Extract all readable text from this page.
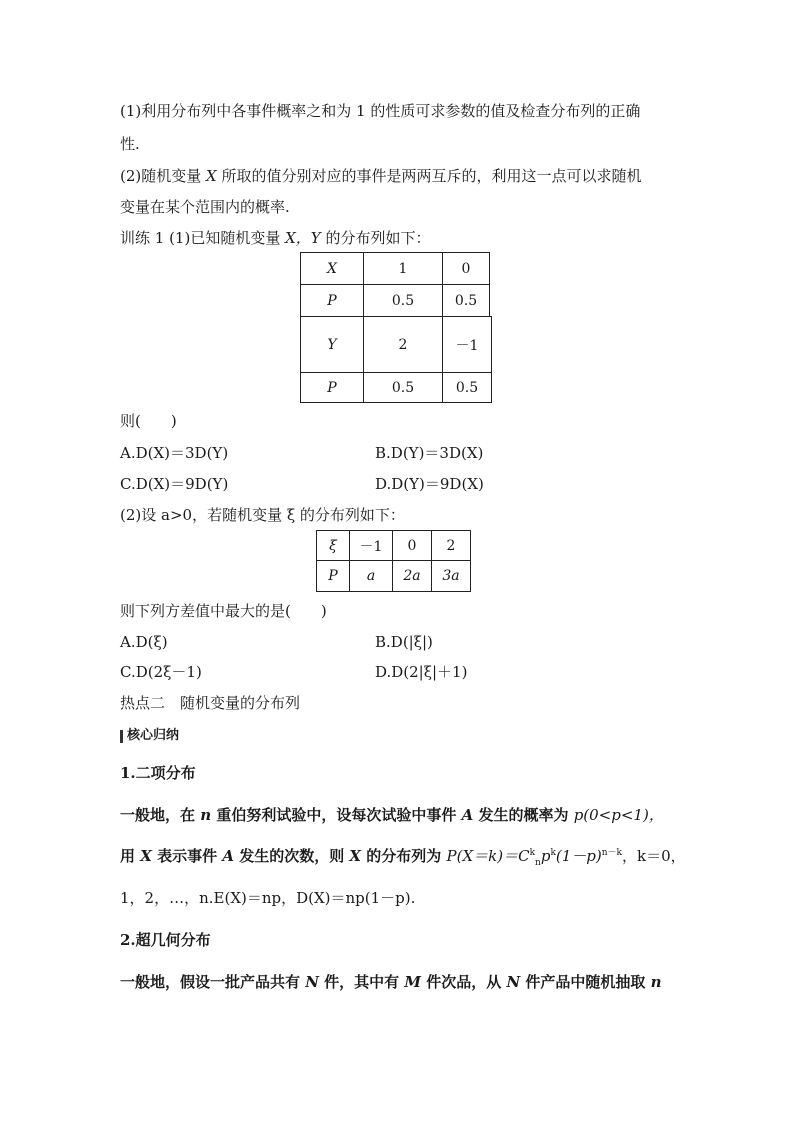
(1)利用分布列中各事件概率之和为 1 的性质可求参数的值及检查分布列的正确
性.
(2)随机变量 X 所取的值分别对应的事件是两两互斥的，利用这一点可以求随机
变量在某个范围内的概率.
训练 1 (1)已知随机变量 X，Y 的分布列如下：
X	1	0
P	0.5	0.5
Y	2	－1
P	0.5	0.5
则(　　)
A.D(X)＝3D(Y)	B.D(Y)＝3D(X)
C.D(X)＝9D(Y)	D.D(Y)＝9D(X)
(2)设 a>0，若随机变量 ξ 的分布列如下：
ξ	－1	0	2
P	a	2a	3a
则下列方差值中最大的是(　　)
A.D(ξ)	B.D(|ξ|)
C.D(2ξ－1)	D.D(2|ξ|＋1)
热点二　随机变量的分布列
核心归纳
1.二项分布
一般地，在 n 重伯努利试验中，设每次试验中事件 A 发生的概率为 p(0<p<1)，
用 X 表示事件 A 发生的次数，则 X 的分布列为 $P(X=k)=C^k_np^k(1-p)^{n-k}$，k＝0，
1，2，…，n.E(X)＝np，D(X)＝np(1－p).
2.超几何分布
一般地，假设一批产品共有 N 件，其中有 M 件次品，从 N 件产品中随机抽取 n
